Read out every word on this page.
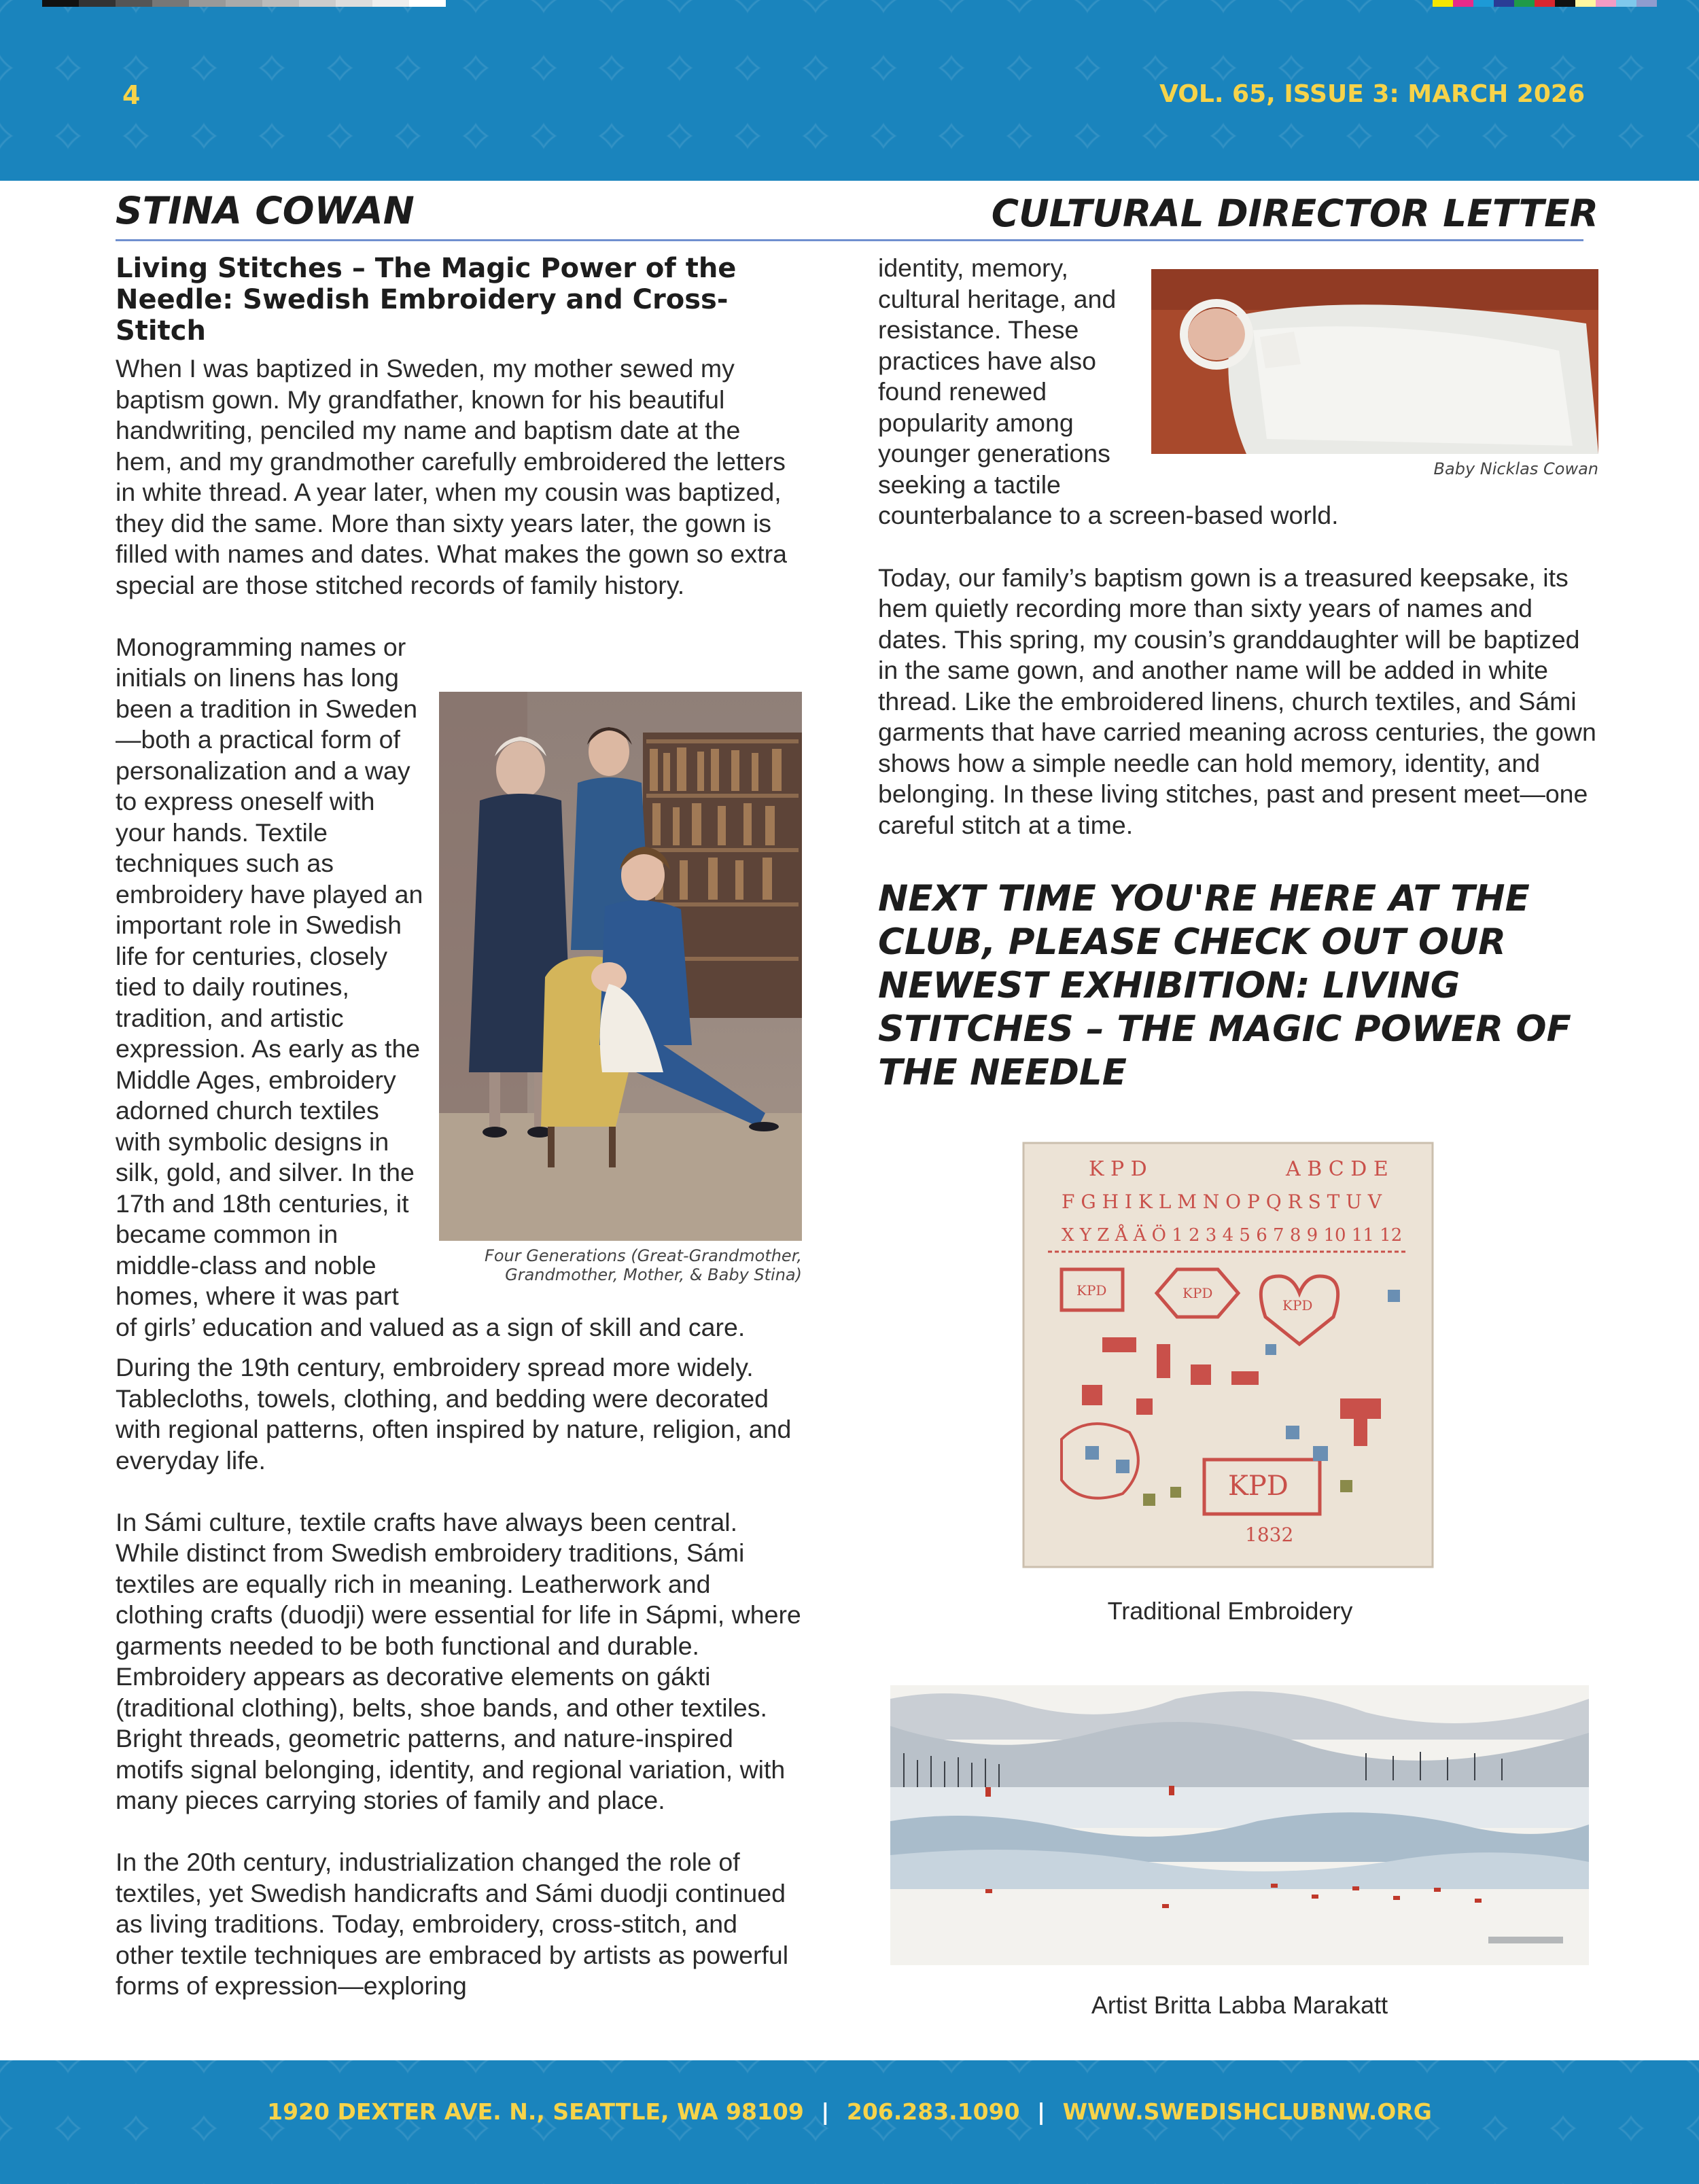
4	VOL. 65, ISSUE 3: MARCH 2026
STINA COWAN	CULTURAL DIRECTOR LETTER
Living Stitches – The Magic Power of the Needle: Swedish Embroidery and Cross-Stitch

When I was baptized in Sweden, my mother sewed my baptism gown. My grandfather, known for his beautiful handwriting, penciled my name and baptism date at the hem, and my grandmother carefully embroidered the letters in white thread. A year later, when my cousin was baptized, they did the same. More than sixty years later, the gown is filled with names and dates. What makes the gown so extra special are those stitched records of family history.

Four Generations (Great-Grandmother, Grandmother, Mother, & Baby Stina)

Monogramming names or initials on linens has long been a tradition in Sweden—both a practical form of personalization and a way to express oneself with your hands. Textile techniques such as embroidery have played an important role in Swedish life for centuries, closely tied to daily routines, tradition, and artistic expression. As early as the Middle Ages, embroidery adorned church textiles with symbolic designs in silk, gold, and silver. In the 17th and 18th centuries, it became common in middle-class and noble homes, where it was part of girls’ education and valued as a sign of skill and care.

During the 19th century, embroidery spread more widely. Tablecloths, towels, clothing, and bedding were decorated with regional patterns, often inspired by nature, religion, and everyday life.

In Sámi culture, textile crafts have always been central. While distinct from Swedish embroidery traditions, Sámi textiles are equally rich in meaning. Leatherwork and clothing crafts (duodji) were essential for life in Sápmi, where garments needed to be both functional and durable. Embroidery appears as decorative elements on gákti (traditional clothing), belts, shoe bands, and other textiles. Bright threads, geometric patterns, and nature-inspired motifs signal belonging, identity, and regional variation, with many pieces carrying stories of family and place.

In the 20th century, industrialization changed the role of textiles, yet Swedish handicrafts and Sámi duodji continued as living traditions. Today, embroidery, cross-stitch, and other textile techniques are embraced by artists as powerful forms of expression—exploring

Baby Nicklas Cowan

identity, memory, cultural heritage, and resistance. These practices have also found renewed popularity among younger generations seeking a tactile counterbalance to a screen-based world.

Today, our family’s baptism gown is a treasured keepsake, its hem quietly recording more than sixty years of names and dates. This spring, my cousin’s granddaughter will be baptized in the same gown, and another name will be added in white thread. Like the embroidered linens, church textiles, and Sámi garments that have carried meaning across centuries, the gown shows how a simple needle can hold memory, identity, and belonging. In these living stitches, past and present meet—one careful stitch at a time.

NEXT TIME YOU'RE HERE AT THE CLUB, PLEASE CHECK OUT OUR NEWEST EXHIBITION: LIVING STITCHES – THE MAGIC POWER OF THE NEEDLE
K P D	A B C D E
F G H I K L M N O P Q R S T U V
X Y Z Å Ä Ö 1 2 3 4 5 6 7 8 9 10 11 12
KPD	KPD
KPD
KPD
1832
Traditional Embroidery
Artist Britta Labba Marakatt
1920 DEXTER AVE. N., SEATTLE, WA 98109 | 206.283.1090 | WWW.SWEDISHCLUBNW.ORG
